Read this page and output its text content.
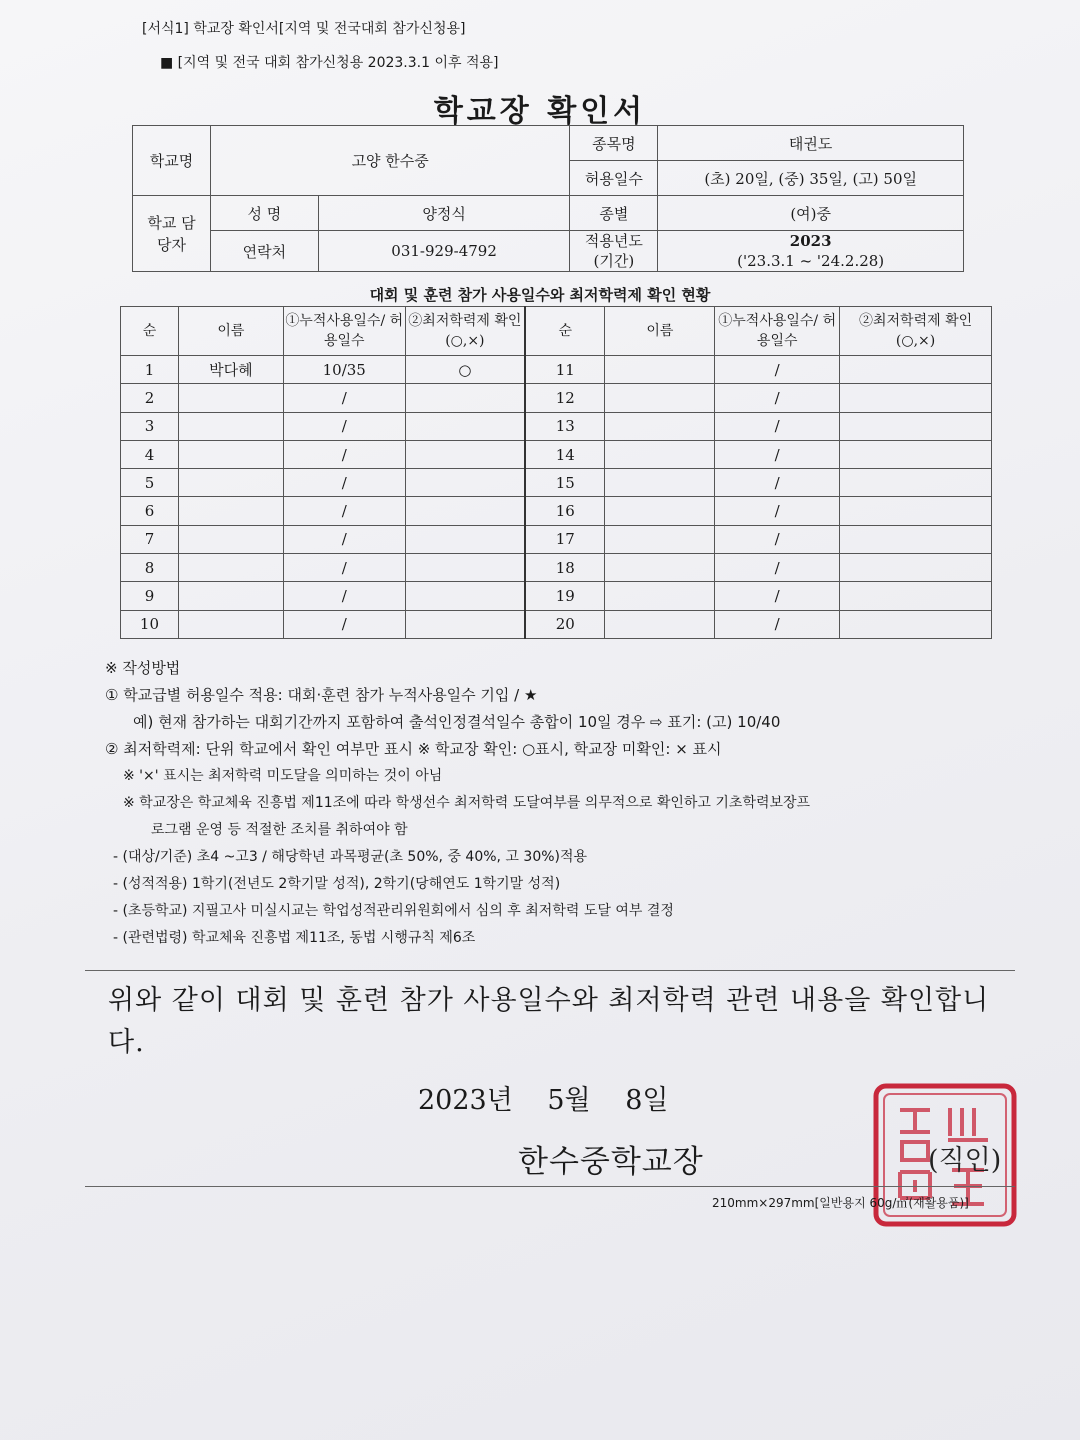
[서식1] 학교장 확인서[지역 및 전국대회 참가신청용]
■ [지역 및 전국 대회 참가신청용 2023.3.1 이후 적용]
학교장 확인서
학교명	고양 한수중		종목명	태권도
			허용일수	(초) 20일, (중) 35일, (고) 50일
학교 담당자	성 명	양정식	종별	(여)중
	연락처	031-929-4792	적용년도 (기간)	2023
('23.3.1 ~ '24.2.28)
대회 및 훈련 참가 사용일수와 최저학력제 확인 현황
순	이름	①누적사용일수/ 허용일수	②최저학력제 확인(○,×)	순	이름	①누적사용일수/ 허용일수	②최저학력제 확인(○,×)
1	박다혜	10/35	○	11		/	
2		/		12		/	
3		/		13		/	
4		/		14		/	
5		/		15		/	
6		/		16		/	
7		/		17		/	
8		/		18		/	
9		/		19		/	
10		/		20		/	
※ 작성방법
① 학교급별 허용일수 적용: 대회·훈련 참가 누적사용일수 기입 / ★
예) 현재 참가하는 대회기간까지 포함하여 출석인정결석일수 총합이 10일 경우 ⇨ 표기: (고) 10/40
② 최저학력제: 단위 학교에서 확인 여부만 표시 ※ 학교장 확인: ○표시, 학교장 미확인: × 표시
※ '×' 표시는 최저학력 미도달을 의미하는 것이 아님
※ 학교장은 학교체육 진흥법 제11조에 따라 학생선수 최저학력 도달여부를 의무적으로 확인하고 기초학력보장프
로그램 운영 등 적절한 조치를 취하여야 함
- (대상/기준) 초4 ~고3 / 해당학년 과목평균(초 50%, 중 40%, 고 30%)적용
- (성적적용) 1학기(전년도 2학기말 성적), 2학기(당해연도 1학기말 성적)
- (초등학교) 지필고사 미실시교는 학업성적관리위원회에서 심의 후 최저학력 도달 여부 결정
- (관련법령) 학교체육 진흥법 제11조, 동법 시행규칙 제6조
위와 같이 대회 및 훈련 참가 사용일수와 최저학력 관련 내용을 확인합니다.
2023년 5월 8일
한수중학교장	(직인)
210mm×297mm[일반용지 60g/㎡(재활용품)]
